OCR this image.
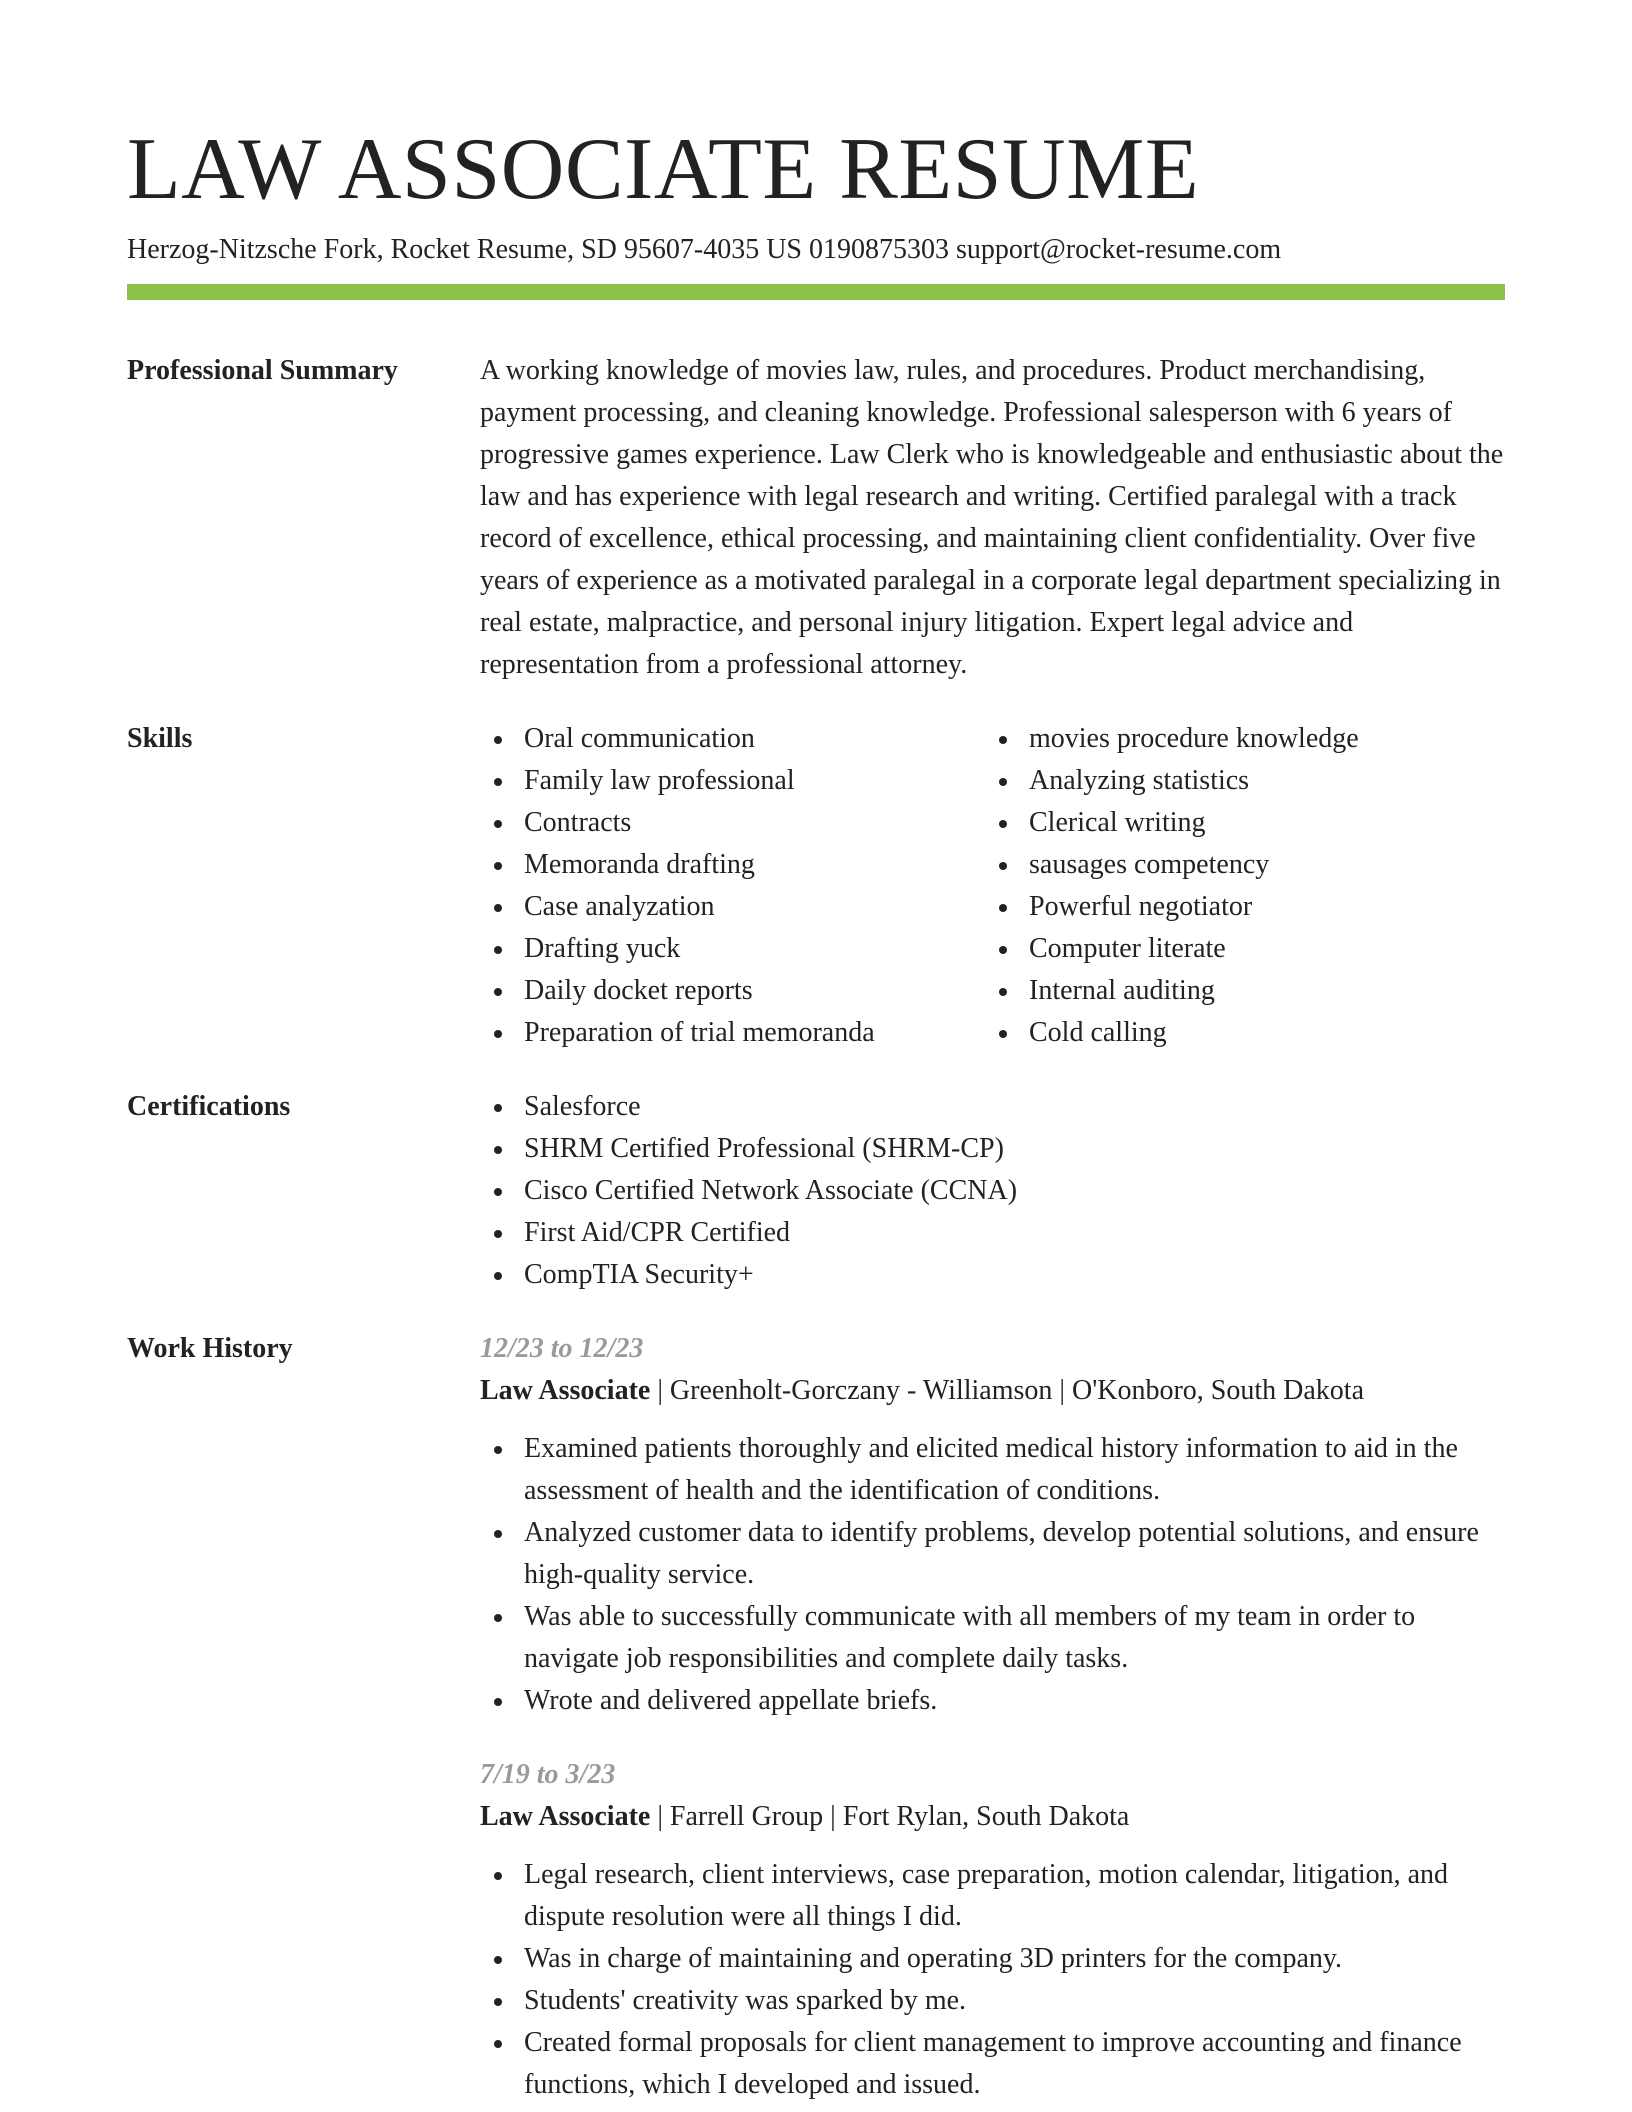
LAW ASSOCIATE RESUME
Herzog-Nitzsche Fork, Rocket Resume, SD 95607-4035 US 0190875303 support@rocket-resume.com
Professional Summary	A working knowledge of movies law, rules, and procedures. Product merchandising, payment processing, and cleaning knowledge. Professional salesperson with 6 years of progressive games experience. Law Clerk who is knowledgeable and enthusiastic about the law and has experience with legal research and writing. Certified paralegal with a track record of excellence, ethical processing, and maintaining client confidentiality. Over five years of experience as a motivated paralegal in a corporate legal department specializing in real estate, malpractice, and personal injury litigation. Expert legal advice and representation from a professional attorney.

Skills	Oral communication
Family law professional
Contracts
Memoranda drafting
Case analyzation
Drafting yuck
Daily docket reports
Preparation of trial memoranda
movies procedure knowledge
Analyzing statistics
Clerical writing
sausages competency
Powerful negotiator
Computer literate
Internal auditing
Cold calling
Certifications	Salesforce
SHRM Certified Professional (SHRM-CP)
Cisco Certified Network Associate (CCNA)
First Aid/CPR Certified
CompTIA Security+
Work History	12/23 to 12/23
Law Associate | Greenholt-Gorczany - Williamson | O'Konboro, South Dakota
Examined patients thoroughly and elicited medical history information to aid in the assessment of health and the identification of conditions.
Analyzed customer data to identify problems, develop potential solutions, and ensure high-quality service.
Was able to successfully communicate with all members of my team in order to navigate job responsibilities and complete daily tasks.
Wrote and delivered appellate briefs.
7/19 to 3/23
Law Associate | Farrell Group | Fort Rylan, South Dakota
Legal research, client interviews, case preparation, motion calendar, litigation, and dispute resolution were all things I did.
Was in charge of maintaining and operating 3D printers for the company.
Students' creativity was sparked by me.
Created formal proposals for client management to improve accounting and finance functions, which I developed and issued.
